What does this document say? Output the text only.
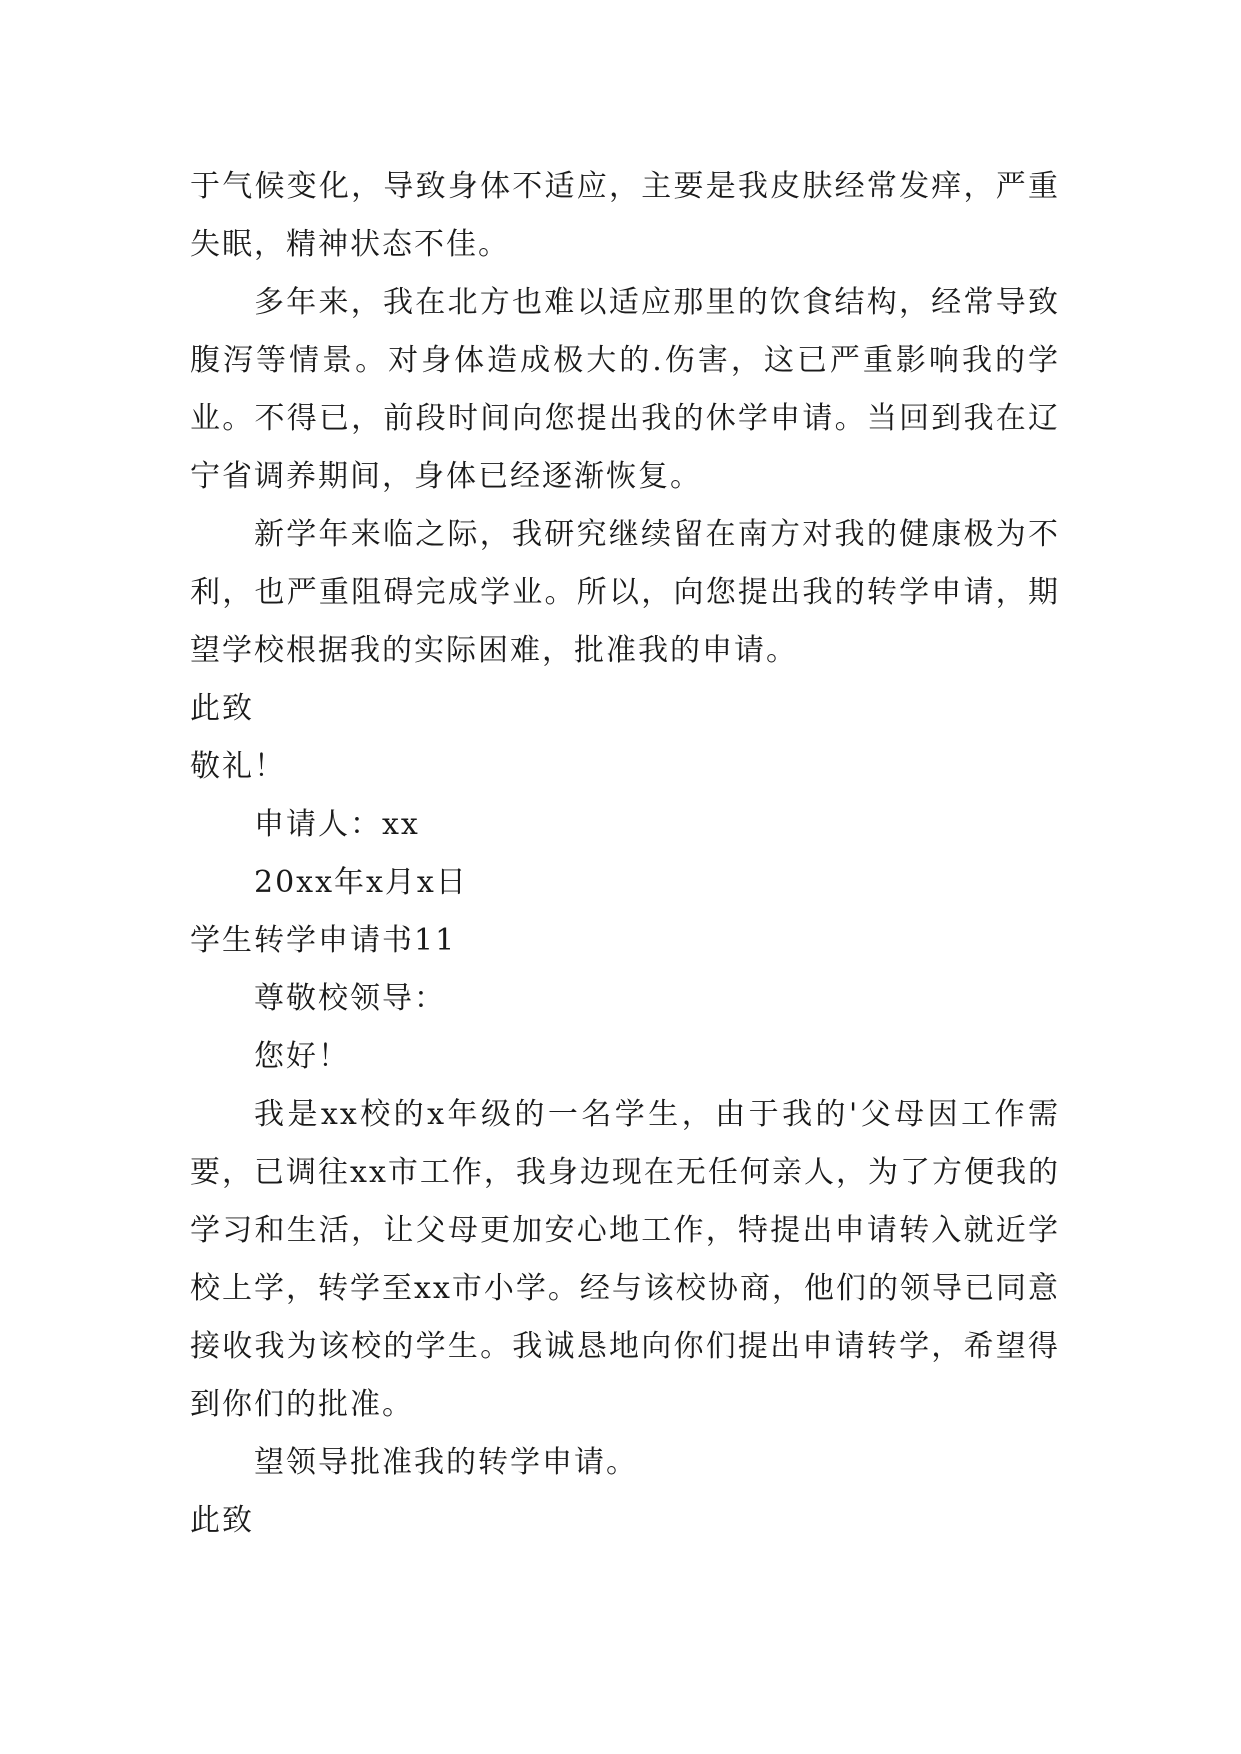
于气候变化，导致身体不适应，主要是我皮肤经常发痒，严重失眠，精神状态不佳。

多年来，我在北方也难以适应那里的饮食结构，经常导致腹泻等情景。对身体造成极大的.伤害，这已严重影响我的学业。不得已，前段时间向您提出我的休学申请。当回到我在辽宁省调养期间，身体已经逐渐恢复。

新学年来临之际，我研究继续留在南方对我的健康极为不利，也严重阻碍完成学业。所以，向您提出我的转学申请，期望学校根据我的实际困难，批准我的申请。

此致

敬礼！

申请人：xx

20xx年x月x日

学生转学申请书11

尊敬校领导：

您好！

我是xx校的x年级的一名学生，由于我的'父母因工作需要，已调往xx市工作，我身边现在无任何亲人，为了方便我的学习和生活，让父母更加安心地工作，特提出申请转入就近学校上学，转学至xx市小学。经与该校协商，他们的领导已同意接收我为该校的学生。我诚恳地向你们提出申请转学，希望得到你们的批准。

望领导批准我的转学申请。

此致
